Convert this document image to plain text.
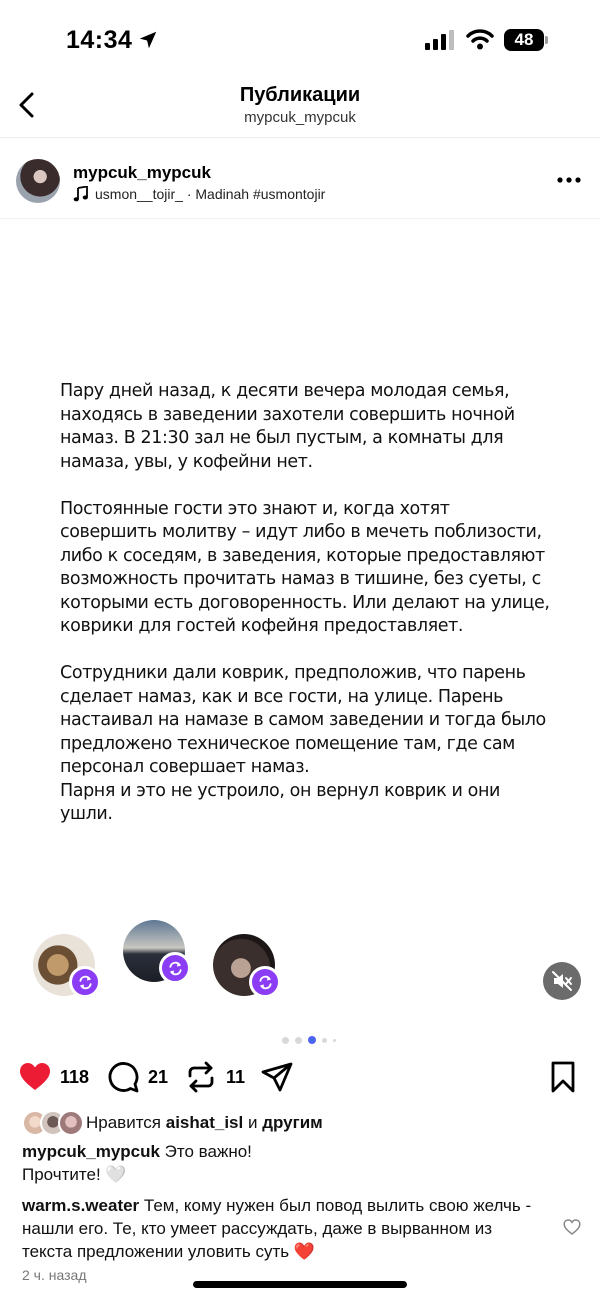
14:34	48
Публикации
mypcuk_mypcuk
mypcuk_mypcuk
usmon__tojir_ · Madinah #usmontojir
Пару дней назад, к десяти вечера молодая семья, находясь в заведении захотели совершить ночной намаз. В 21:30 зал не был пустым, а комнаты для намаза, увы, у кофейни нет.

Постоянные гости это знают и, когда хотят совершить молитву – идут либо в мечеть поблизости, либо к соседям, в заведения, которые предоставляют возможность прочитать намаз в тишине, без суеты, с которыми есть договоренность. Или делают на улице, коврики для гостей кофейня предоставляет.

Сотрудники дали коврик, предположив, что парень сделает намаз, как и все гости, на улице. Парень настаивал на намазе в самом заведении и тогда было предложено техническое помещение там, где сам персонал совершает намаз.
Парня и это не устроило, он вернул коврик и они ушли.
118	21	11
Нравится aishat_isl и другим
mypcuk_mypcuk Это важно!
Прочтите! 🤍
warm.s.weater Тем, кому нужен был повод вылить свою желчь - нашли его. Те, кто умеет рассуждать, даже в вырванном из текста предложении уловить суть ❤️
2 ч. назад
